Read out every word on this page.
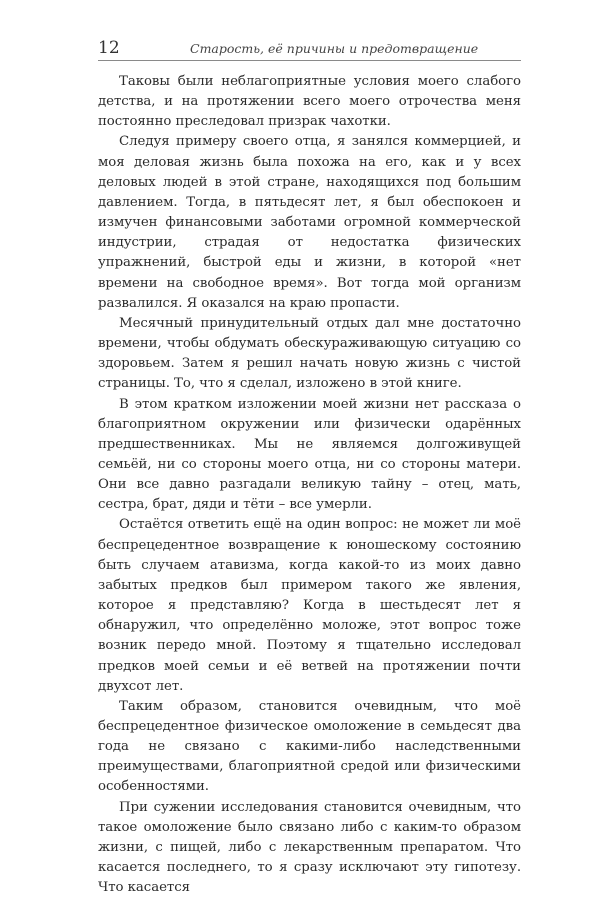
12	Старость, её причины и предотвращение

Таковы были неблагоприятные условия моего слабого детства, и на протяжении всего моего отрочества меня постоянно преследовал призрак чахотки.

Следуя примеру своего отца, я занялся коммерцией, и моя деловая жизнь была похожа на его, как и у всех деловых людей в этой стране, находящихся под большим давлением. Тогда, в пятьдесят лет, я был обеспокоен и измучен финансовыми заботами огромной коммерческой индустрии, страдая от недостатка физических упражнений, быстрой еды и жизни, в которой «нет времени на свободное время». Вот тогда мой организм развалился. Я оказался на краю пропасти.

Месячный принудительный отдых дал мне достаточно времени, чтобы обдумать обескураживающую ситуацию со здоровьем. Затем я решил начать новую жизнь с чистой страницы. То, что я сделал, изложено в этой книге.

В этом кратком изложении моей жизни нет рассказа о благоприятном окружении или физически одарённых предшественниках. Мы не являемся долгоживущей семьёй, ни со стороны моего отца, ни со стороны матери. Они все давно разгадали великую тайну – отец, мать, сестра, брат, дяди и тёти – все умерли.

Остаётся ответить ещё на один вопрос: не может ли моё беспрецедентное возвращение к юношескому состоянию быть случаем атавизма, когда какой-то из моих давно забытых предков был примером такого же явления, которое я представляю? Когда в шестьдесят лет я обнаружил, что определённо моложе, этот вопрос тоже возник передо мной. Поэтому я тщательно исследовал предков моей семьи и её ветвей на протяжении почти двухсот лет.

Таким образом, становится очевидным, что моё беспрецедентное физическое омоложение в семьдесят два года не связано с какими-либо наследственными преимуществами, благоприятной средой или физическими особенностями.

При сужении исследования становится очевидным, что такое омоложение было связано либо с каким-то образом жизни, с пищей, либо с лекарственным препаратом. Что касается последнего, то я сразу исключают эту гипотезу. Что касается
